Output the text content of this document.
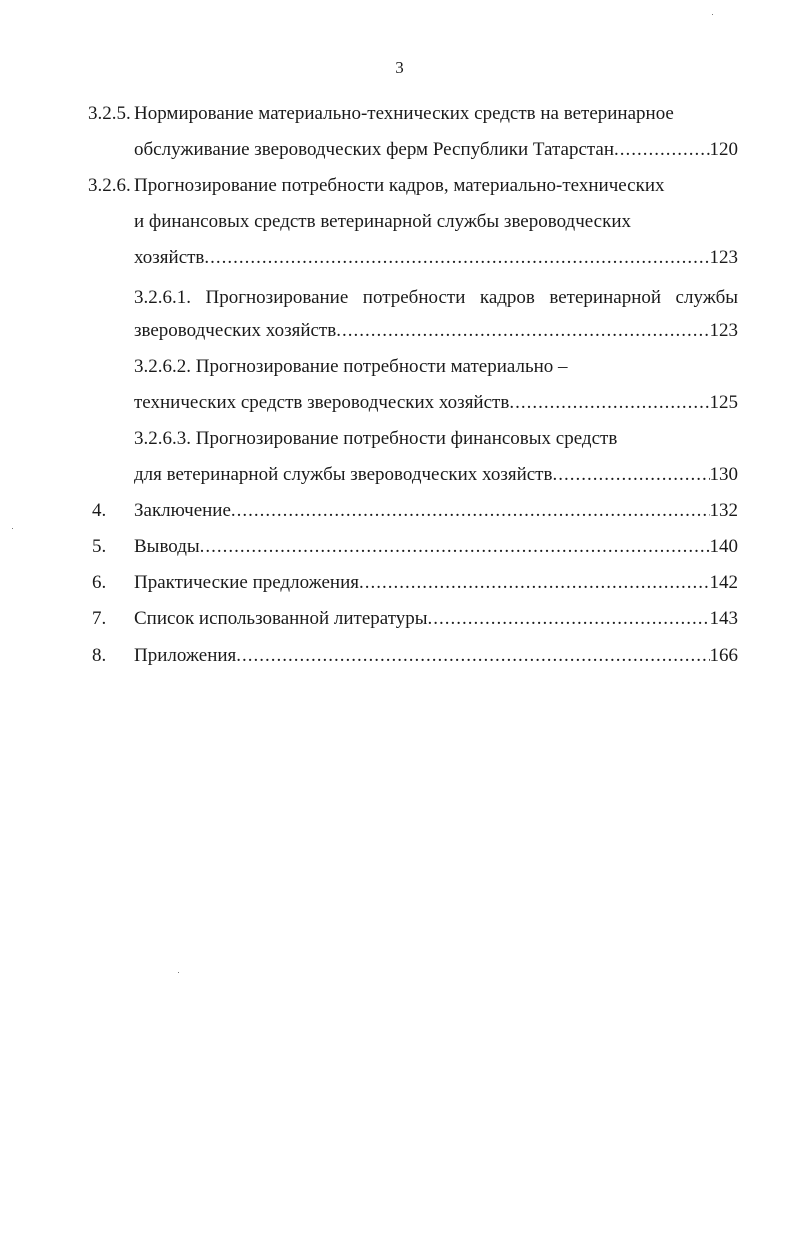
3
3.2.5. Нормирование материально-технических средств на ветеринарное
обслуживание звероводческих ферм Республики Татарстан .....	120
3.2.6. Прогнозирование потребности кадров, материально-технических
и финансовых средств ветеринарной службы звероводческих
хозяйств .....	123
3.2.6.1. Прогнозирование потребности кадров ветеринарной службы
звероводческих хозяйств .....	123
3.2.6.2. Прогнозирование потребности материально –
технических средств звероводческих хозяйств .....	125
3.2.6.3. Прогнозирование потребности финансовых средств
для ветеринарной службы звероводческих хозяйств .....	130
4. Заключение .....	132
5. Выводы .....	140
6. Практические предложения .....	142
7. Список использованной литературы .....	143
8. Приложения .....	166
